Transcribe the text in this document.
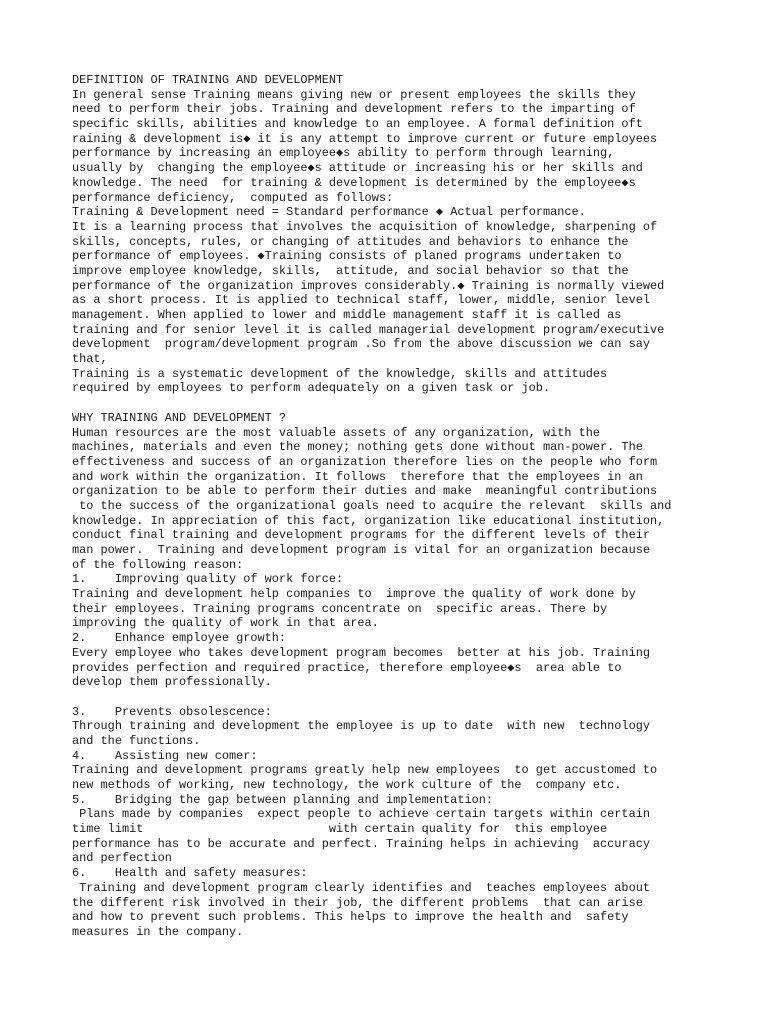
DEFINITION OF TRAINING AND DEVELOPMENT
In general sense Training means giving new or present employees the skills they
need to perform their jobs. Training and development refers to the imparting of
specific skills, abilities and knowledge to an employee. A formal definition oft
raining & development is◆ it is any attempt to improve current or future employees
performance by increasing an employee◆s ability to perform through learning,
usually by  changing the employee◆s attitude or increasing his or her skills and
knowledge. The need  for training & development is determined by the employee◆s
performance deficiency,  computed as follows:
Training & Development need = Standard performance ◆ Actual performance.
It is a learning process that involves the acquisition of knowledge, sharpening of
skills, concepts, rules, or changing of attitudes and behaviors to enhance the
performance of employees. ◆Training consists of planed programs undertaken to
improve employee knowledge, skills,  attitude, and social behavior so that the
performance of the organization improves considerably.◆ Training is normally viewed
as a short process. It is applied to technical staff, lower, middle, senior level
management. When applied to lower and middle management staff it is called as
training and for senior level it is called managerial development program/executive
development  program/development program .So from the above discussion we can say
that,
Training is a systematic development of the knowledge, skills and attitudes
required by employees to perform adequately on a given task or job.
WHY TRAINING AND DEVELOPMENT ?
Human resources are the most valuable assets of any organization, with the
machines, materials and even the money; nothing gets done without man-power. The
effectiveness and success of an organization therefore lies on the people who form
and work within the organization. It follows  therefore that the employees in an
organization to be able to perform their duties and make  meaningful contributions
to the success of the organizational goals need to acquire the relevant  skills and
knowledge. In appreciation of this fact, organization like educational institution,
conduct final training and development programs for the different levels of their
man power.  Training and development program is vital for an organization because
of the following reason:
1.    Improving quality of work force:
Training and development help companies to  improve the quality of work done by
their employees. Training programs concentrate on  specific areas. There by
improving the quality of work in that area.
2.    Enhance employee growth:
Every employee who takes development program becomes  better at his job. Training
provides perfection and required practice, therefore employee◆s  area able to
develop them professionally.
3.    Prevents obsolescence:
Through training and development the employee is up to date  with new  technology
and the functions.
4.    Assisting new comer:
Training and development programs greatly help new employees  to get accustomed to
new methods of working, new technology, the work culture of the  company etc.
5.    Bridging the gap between planning and implementation:
Plans made by companies  expect people to achieve certain targets within certain
time limit                          with certain quality for  this employee
performance has to be accurate and perfect. Training helps in achieving  accuracy
and perfection
6.    Health and safety measures:
Training and development program clearly identifies and  teaches employees about
the different risk involved in their job, the different problems  that can arise
and how to prevent such problems. This helps to improve the health and  safety
measures in the company.
